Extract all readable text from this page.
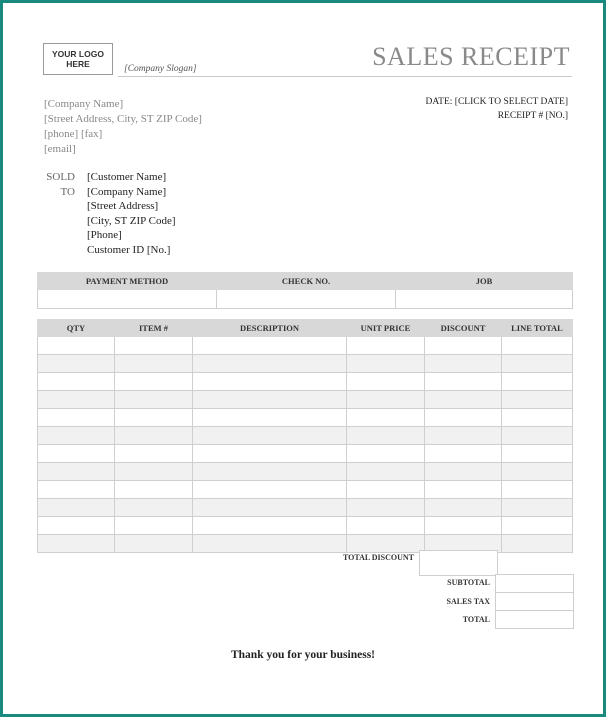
YOUR LOGO HERE	[Company Slogan]	SALES RECEIPT
[Company Name]
[Street Address, City, ST ZIP Code]
[phone] [fax]
[email]
DATE: [CLICK TO SELECT DATE]
RECEIPT # [NO.]
SOLD
TO
[Customer Name]
[Company Name]
[Street Address]
[City, ST ZIP Code]
[Phone]
Customer ID [No.]
PAYMENT METHOD	CHECK NO.	JOB

QTY	ITEM #	DESCRIPTION	UNIT PRICE	DISCOUNT	LINE TOTAL

TOTAL DISCOUNT
SUBTOTAL
SALES TAX
TOTAL
Thank you for your business!
